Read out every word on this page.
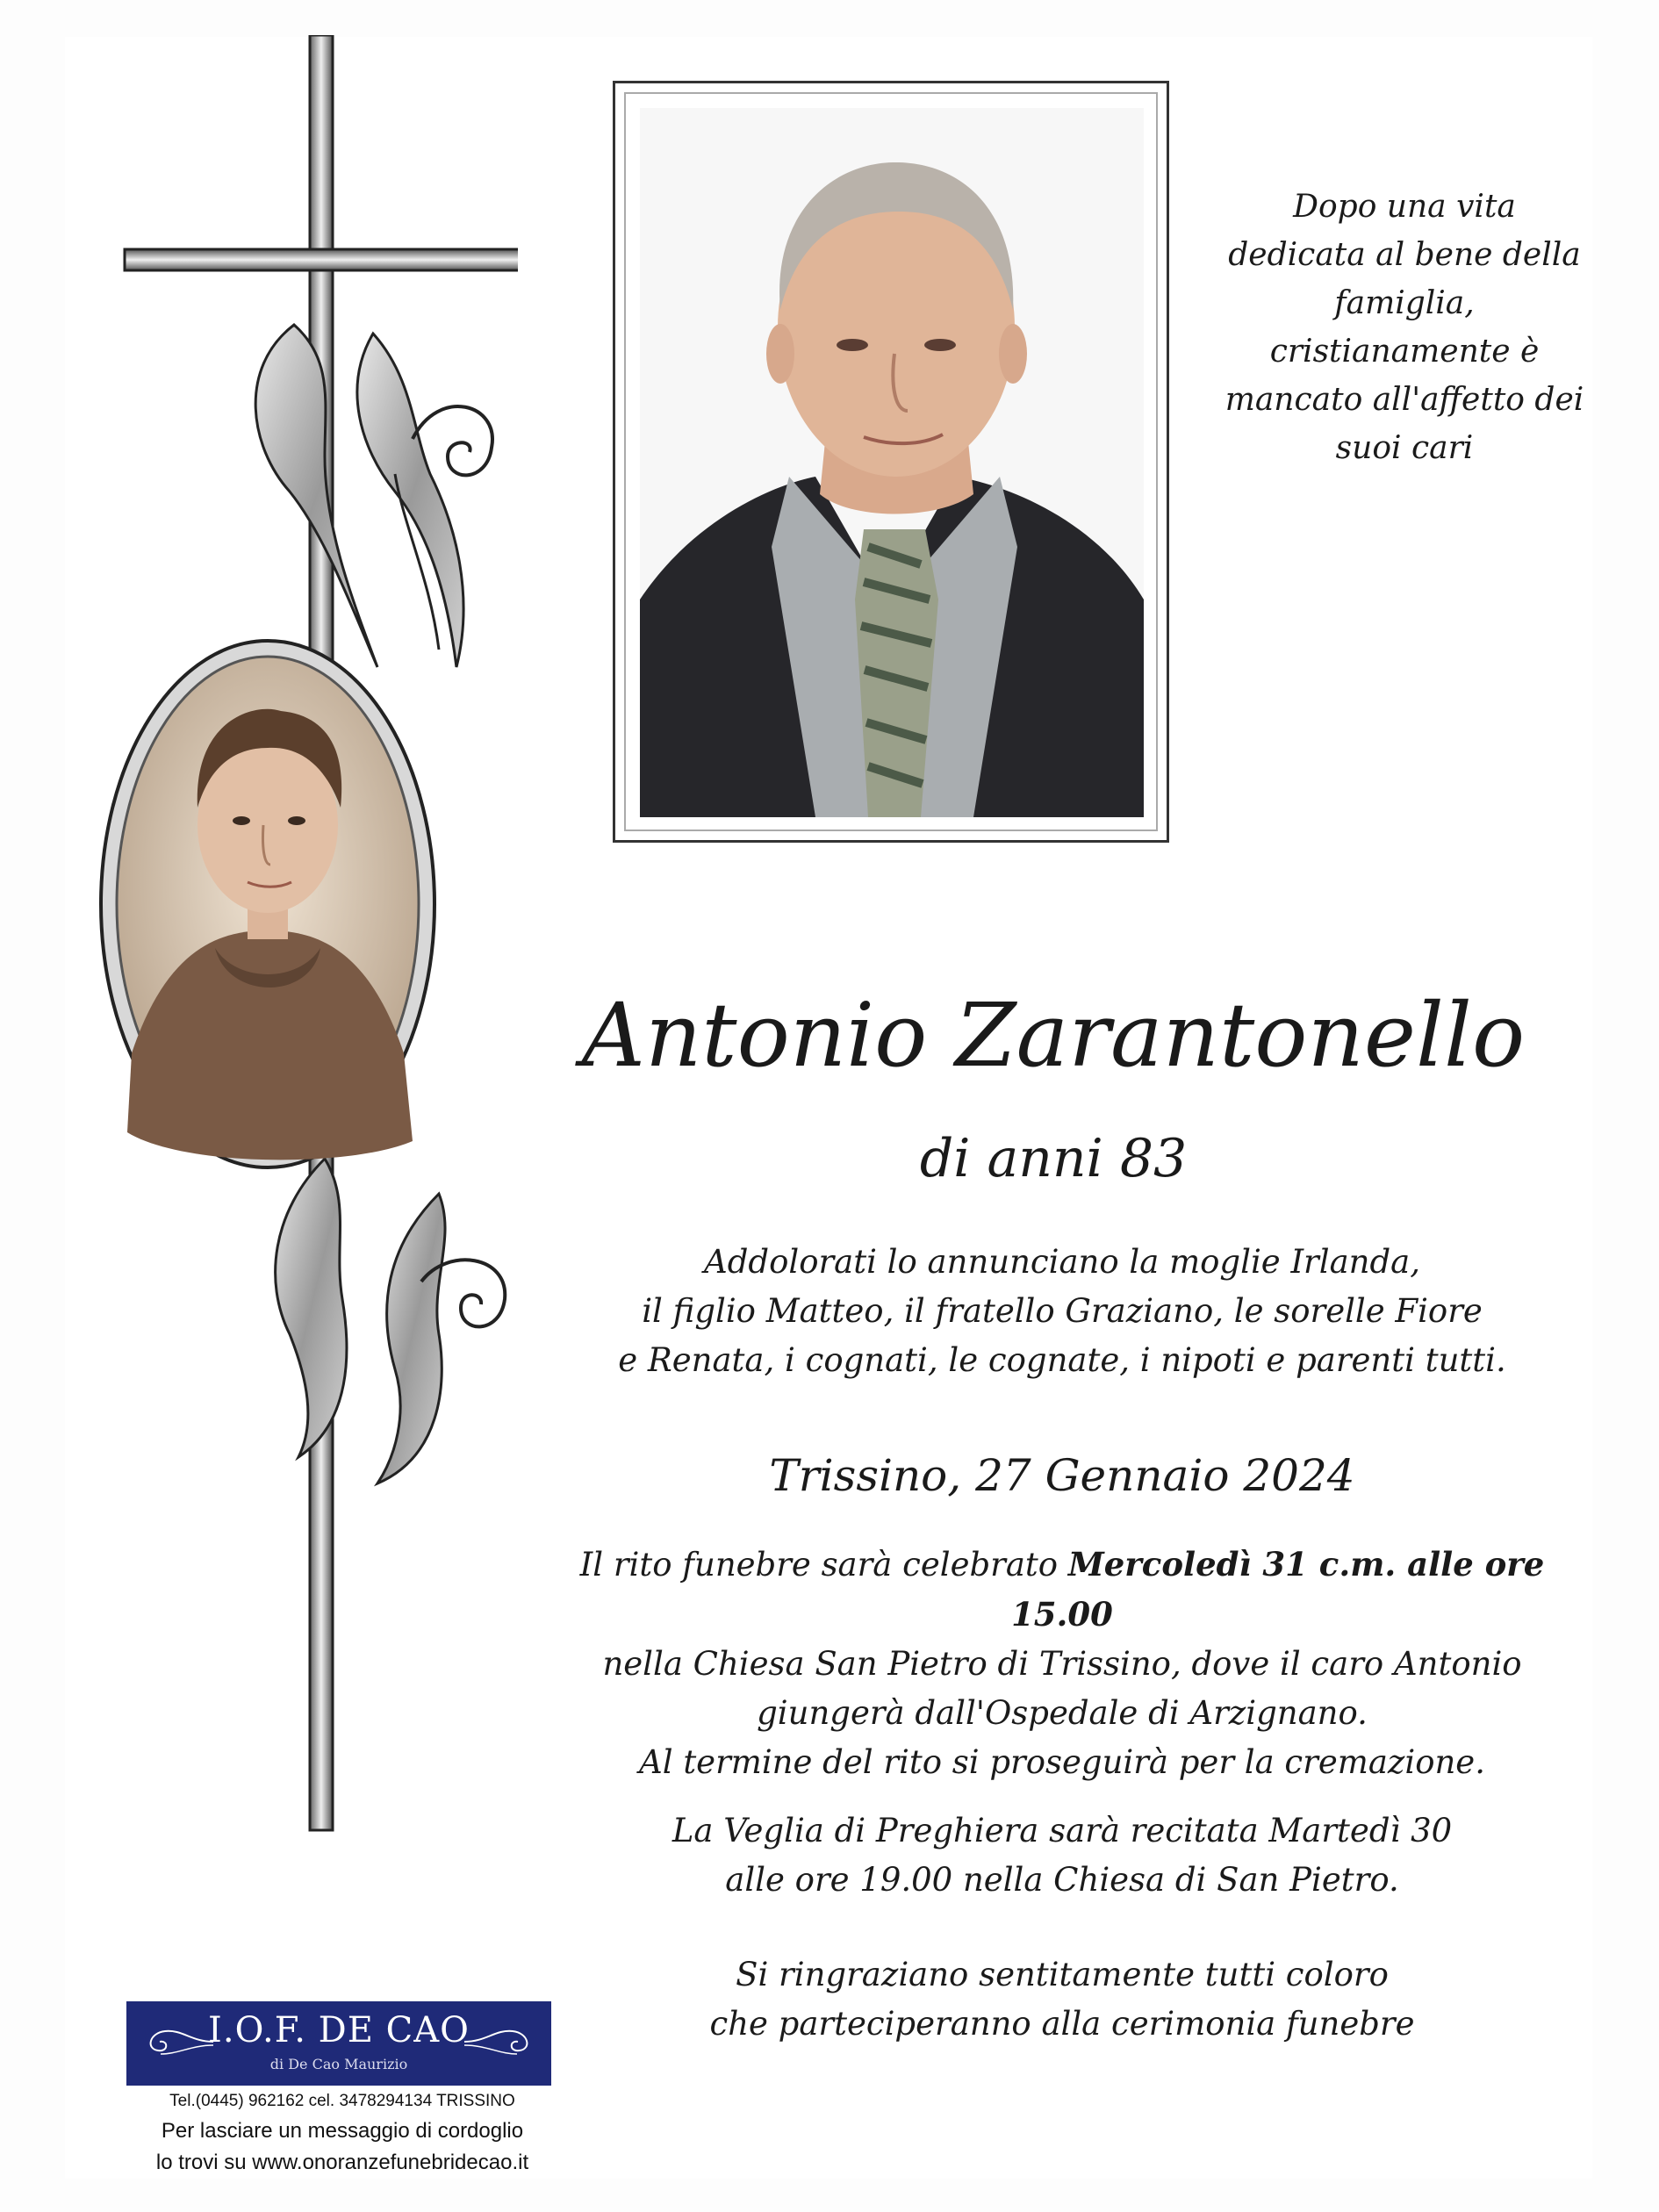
Dopo una vita

dedicata al bene della

famiglia,

cristianamente è

mancato all'affetto dei

suoi cari

Antonio Zarantonello
di anni 83

Addolorati lo annunciano la moglie Irlanda,

il figlio Matteo, il fratello Graziano, le sorelle Fiore

e Renata, i cognati, le cognate, i nipoti e parenti tutti.

Trissino, 27 Gennaio 2024

Il rito funebre sarà celebrato Mercoledì 31 c.m. alle ore 15.00

nella Chiesa San Pietro di Trissino, dove il caro Antonio

giungerà dall'Ospedale di Arzignano.

Al termine del rito si proseguirà per la cremazione.

La Veglia di Preghiera sarà recitata Martedì 30

alle ore 19.00 nella Chiesa di San Pietro.

Si ringraziano sentitamente tutti coloro

che parteciperanno alla cerimonia funebre

I.O.F. DE CAO
di De Cao Maurizio
Tel.(0445) 962162 cel. 3478294134 TRISSINO
Per lasciare un messaggio di cordoglio
lo trovi su www.onoranzefunebridecao.it
